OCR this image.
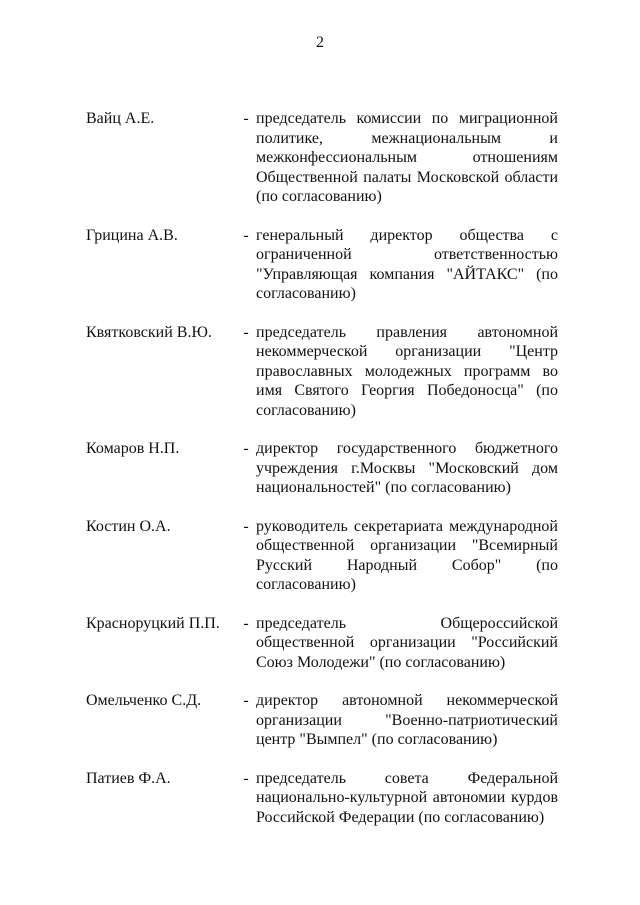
2
Вайц А.Е.	- председатель комиссии по миграционной
политике, межнациональным и
межконфессиональным отношениям
Общественной палаты Московской области
(по согласованию)
Грицина А.В.	- генеральный директор общества с
ограниченной ответственностью
"Управляющая компания "АЙТАКС" (по
согласованию)
Квятковский В.Ю.	- председатель правления автономной
некоммерческой организации "Центр
православных молодежных программ во
имя Святого Георгия Победоносца" (по
согласованию)
Комаров Н.П.	- директор государственного бюджетного
учреждения г.Москвы "Московский дом
национальностей" (по согласованию)
Костин О.А.	- руководитель секретариата международной
общественной организации "Всемирный
Русский Народный Собор" (по
согласованию)
Красноруцкий П.П.	- председатель Общероссийской
общественной организации "Российский
Союз Молодежи" (по согласованию)
Омельченко С.Д.	- директор автономной некоммерческой
организации "Военно-патриотический
центр "Вымпел" (по согласованию)
Патиев Ф.А.	- председатель совета Федеральной
национально-культурной автономии курдов
Российской Федерации (по согласованию)
